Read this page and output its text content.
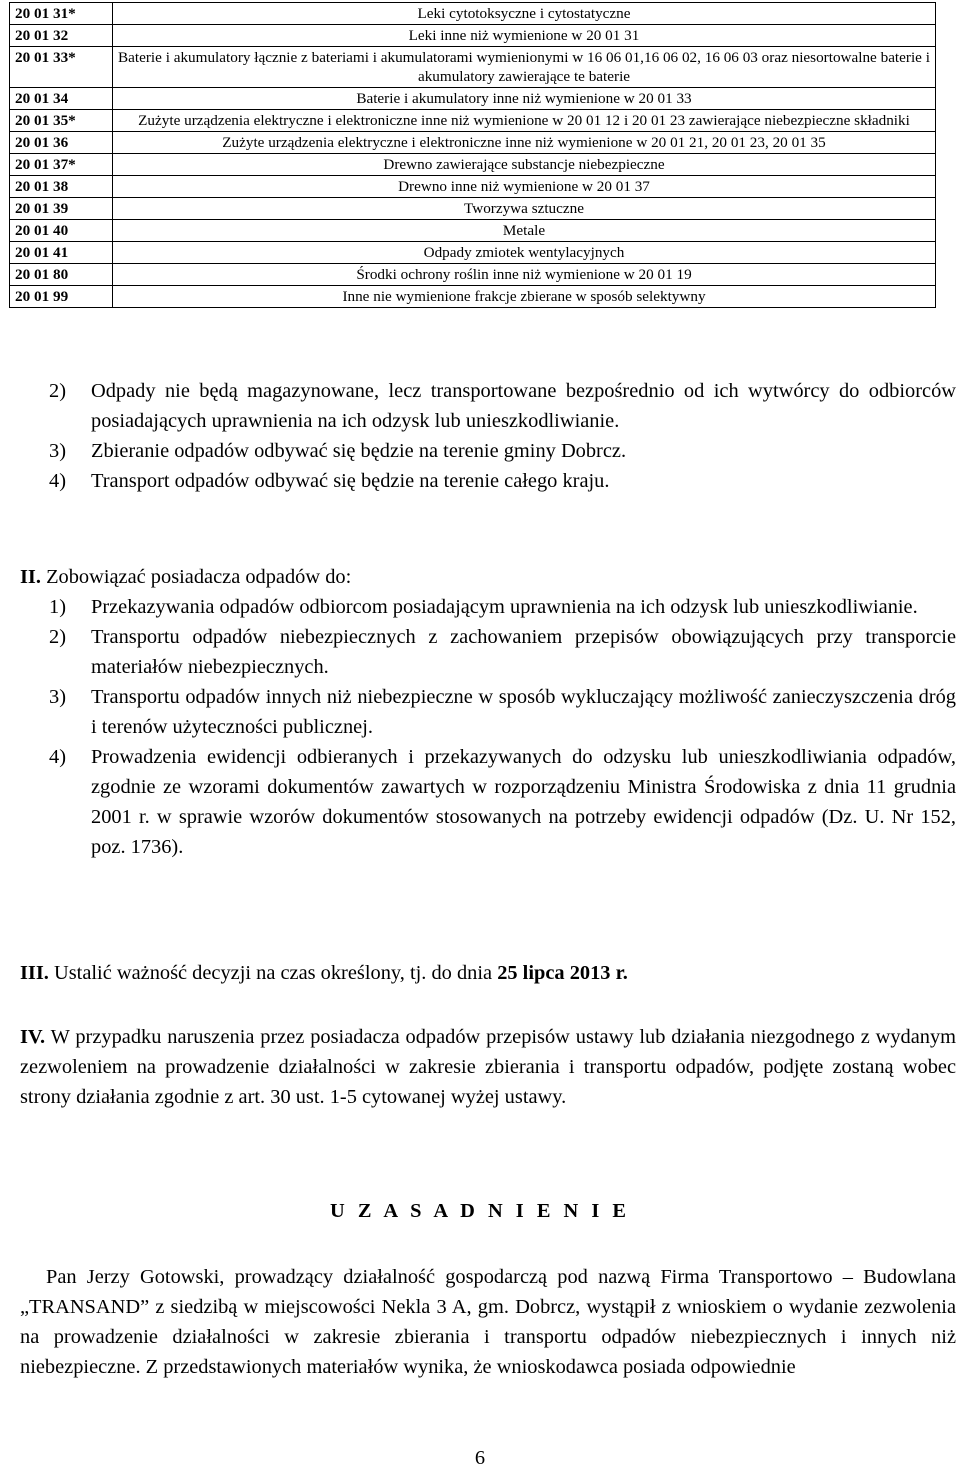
20 01 31*	Leki cytotoksyczne i cytostatyczne
20 01 32	Leki inne niż wymienione w 20 01 31
20 01 33*	Baterie i akumulatory łącznie z bateriami i akumulatorami wymienionymi w 16 06 01,16 06 02, 16 06 03 oraz niesortowalne baterie i akumulatory zawierające te baterie
20 01 34	Baterie i akumulatory inne niż wymienione w 20 01 33
20 01 35*	Zużyte urządzenia elektryczne i elektroniczne inne niż wymienione w 20 01 12 i 20 01 23 zawierające niebezpieczne składniki
20 01 36	Zużyte urządzenia elektryczne i elektroniczne inne niż wymienione w 20 01 21, 20 01 23, 20 01 35
20 01 37*	Drewno zawierające substancje niebezpieczne
20 01 38	Drewno inne niż wymienione w 20 01 37
20 01 39	Tworzywa sztuczne
20 01 40	Metale
20 01 41	Odpady zmiotek wentylacyjnych
20 01 80	Środki ochrony roślin inne niż wymienione w 20 01 19
20 01 99	Inne nie wymienione frakcje zbierane w sposób selektywny
2) Odpady nie będą magazynowane, lecz transportowane bezpośrednio od ich wytwórcy do odbiorców posiadających uprawnienia na ich odzysk lub unieszkodliwianie.
3) Zbieranie odpadów odbywać się będzie na terenie gminy Dobrcz.
4) Transport odpadów odbywać się będzie na terenie całego kraju.
II. Zobowiązać posiadacza odpadów do:
1) Przekazywania odpadów odbiorcom posiadającym uprawnienia na ich odzysk lub unieszkodliwianie.
2) Transportu odpadów niebezpiecznych z zachowaniem przepisów obowiązujących przy transporcie materiałów niebezpiecznych.
3) Transportu odpadów innych niż niebezpieczne w sposób wykluczający możliwość zanieczyszczenia dróg i terenów użyteczności publicznej.
4) Prowadzenia ewidencji odbieranych i przekazywanych do odzysku lub unieszkodliwiania odpadów, zgodnie ze wzorami dokumentów zawartych w rozporządzeniu Ministra Środowiska z dnia 11 grudnia 2001 r. w sprawie wzorów dokumentów stosowanych na potrzeby ewidencji odpadów (Dz. U. Nr 152, poz. 1736).
III. Ustalić ważność decyzji na czas określony, tj. do dnia 25 lipca 2013 r.
IV. W przypadku naruszenia przez posiadacza odpadów przepisów ustawy lub działania niezgodnego z wydanym zezwoleniem na prowadzenie działalności w zakresie zbierania i transportu odpadów, podjęte zostaną wobec strony działania zgodnie z art. 30 ust. 1-5 cytowanej wyżej ustawy.
U Z A S A D N I E N I E
Pan Jerzy Gotowski, prowadzący działalność gospodarczą pod nazwą Firma Transportowo – Budowlana „TRANSAND” z siedzibą w miejscowości Nekla 3 A, gm. Dobrcz, wystąpił z wnioskiem o wydanie zezwolenia na prowadzenie działalności w zakresie zbierania i transportu odpadów niebezpiecznych i innych niż niebezpieczne. Z przedstawionych materiałów wynika, że wnioskodawca posiada odpowiednie
6
